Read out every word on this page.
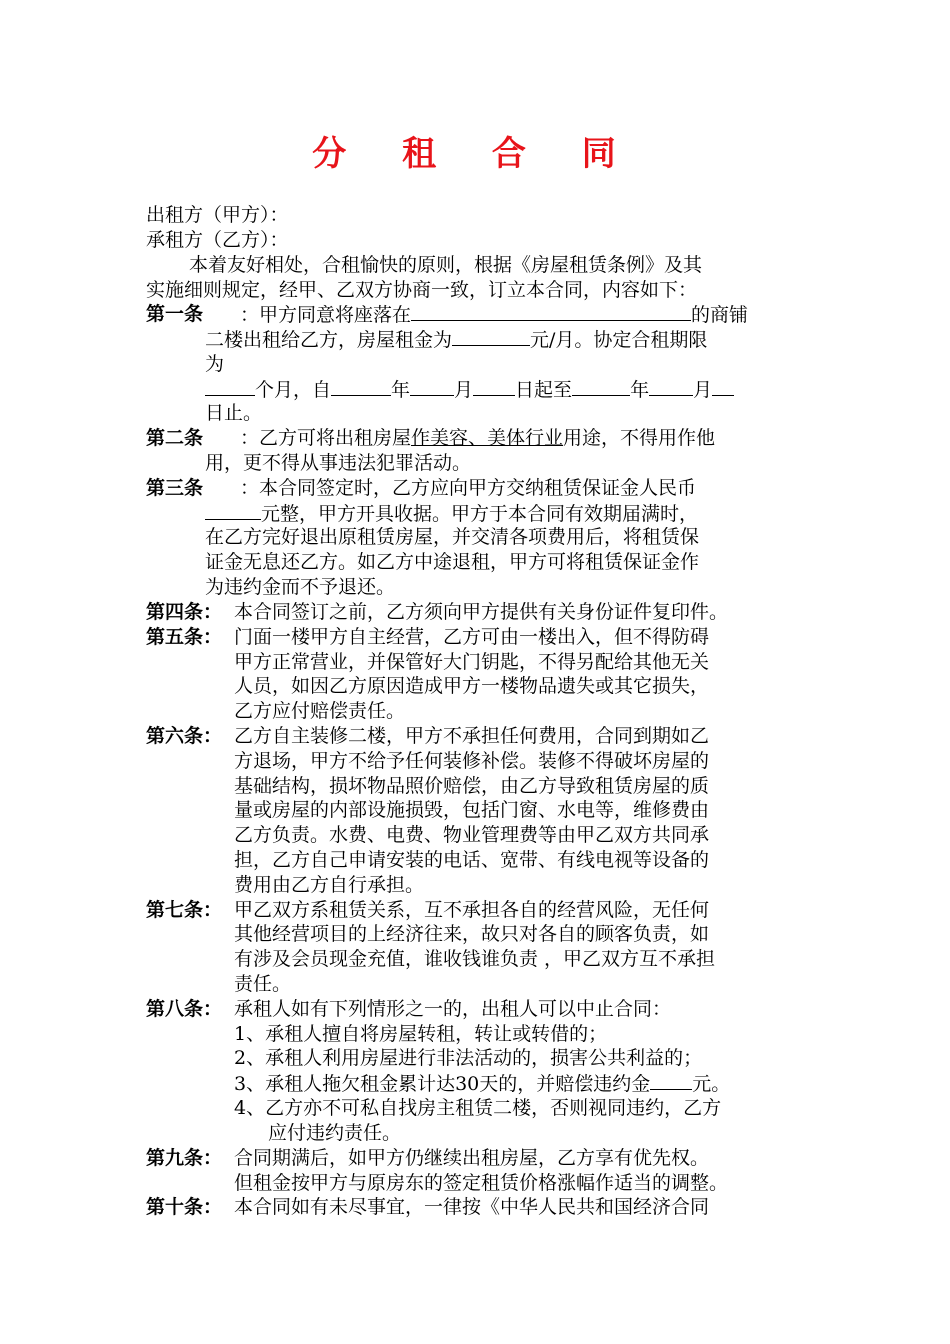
分 租 合 同
出租方（甲方）：
承租方（乙方）：
本着友好相处，合租愉快的原则，根据《房屋租赁条例》及其
实施细则规定，经甲、乙双方协商一致，订立本合同，内容如下：
第一条 ：甲方同意将座落在	的商铺
二楼出租给乙方，房屋租金为	元/月。协定合租期限
为
个月，自	年 月 日起至	年 月
日止。
第二条 ：乙方可将出租房屋作美容、美体行业用途，不得用作他
用，更不得从事违法犯罪活动。
第三条 ：本合同签定时，乙方应向甲方交纳租赁保证金人民币
元整，甲方开具收据。甲方于本合同有效期届满时，
在乙方完好退出原租赁房屋，并交清各项费用后，将租赁保
证金无息还乙方。如乙方中途退租，甲方可将租赁保证金作
为违约金而不予退还。
第四条： 本合同签订之前，乙方须向甲方提供有关身份证件复印件。
第五条： 门面一楼甲方自主经营，乙方可由一楼出入，但不得防碍
甲方正常营业，并保管好大门钥匙，不得另配给其他无关
人员，如因乙方原因造成甲方一楼物品遗失或其它损失，
乙方应付赔偿责任。
第六条： 乙方自主装修二楼，甲方不承担任何费用，合同到期如乙
方退场，甲方不给予任何装修补偿。装修不得破坏房屋的
基础结构，损坏物品照价赔偿，由乙方导致租赁房屋的质
量或房屋的内部设施损毁，包括门窗、水电等，维修费由
乙方负责。水费、电费、物业管理费等由甲乙双方共同承
担，乙方自己申请安装的电话、宽带、有线电视等设备的
费用由乙方自行承担。
第七条： 甲乙双方系租赁关系，互不承担各自的经营风险，无任何
其他经营项目的上经济往来，故只对各自的顾客负责，如
有涉及会员现金充值，谁收钱谁负责 ，甲乙双方互不承担
责任。
第八条： 承租人如有下列情形之一的，出租人可以中止合同：
1、承租人擅自将房屋转租，转让或转借的；
2、承租人利用房屋进行非法活动的，损害公共利益的；
3、承租人拖欠租金累计达30天的，并赔偿违约金 元。
4、乙方亦不可私自找房主租赁二楼，否则视同违约，乙方
应付违约责任。
第九条： 合同期满后，如甲方仍继续出租房屋，乙方享有优先权。
但租金按甲方与原房东的签定租赁价格涨幅作适当的调整。
第十条： 本合同如有未尽事宜，一律按《中华人民共和国经济合同
